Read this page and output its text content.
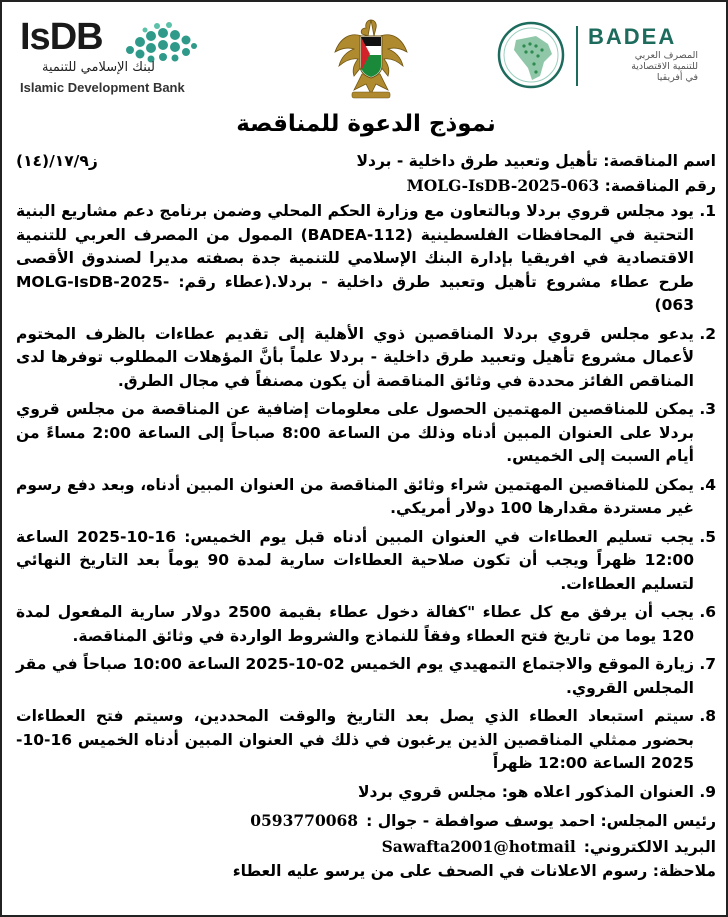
IsDB
لبنك الإسلامي للتنمية
Islamic Development Bank
BADEA
المصرف العربي
للتنمية الاقتصادية
في أفريقيا
نموذج الدعوة للمناقصة
اسم المناقصة: تأهيل وتعبيد طرق داخلية - بردلا
ز١٧/٩/(١٤)
رقم المناقصة: MOLG-IsDB-2025-063
1.
يود مجلس قروي بردلا وبالتعاون مع وزارة الحكم المحلي وضمن برنامج دعم مشاريع البنية التحتية في المحافظات الفلسطينية (BADEA-112) الممول من المصرف العربي للتنمية الاقتصادية في افريقيا بإدارة البنك الإسلامي للتنمية جدة بصفته مديرا لصندوق الأقصى طرح عطاء مشروع تأهيل وتعبيد طرق داخلية - بردلا.(عطاء رقم: MOLG-IsDB-2025-063)
2.
يدعو مجلس قروي بردلا المناقصين ذوي الأهلية إلى تقديم عطاءات بالظرف المختوم لأعمال مشروع تأهيل وتعبيد طرق داخلية - بردلا علماً بأنَّ المؤهلات المطلوب توفرها لدى المناقص الفائز محددة في وثائق المناقصة أن يكون مصنفاً في مجال الطرق.
3.
يمكن للمناقصين المهتمين الحصول على معلومات إضافية عن المناقصة من مجلس قروي بردلا على العنوان المبين أدناه وذلك من الساعة 8:00 صباحاً إلى الساعة 2:00 مساءً من أيام السبت إلى الخميس.
4.
يمكن للمناقصين المهتمين شراء وثائق المناقصة من العنوان المبين أدناه، وبعد دفع رسوم غير مستردة مقدارها 100 دولار أمريكي.
5.
يجب تسليم العطاءات في العنوان المبين أدناه قبل يوم الخميس: 16-10-2025 الساعة 12:00 ظهراً ويجب أن تكون صلاحية العطاءات سارية لمدة 90 يوماً بعد التاريخ النهائي لتسليم العطاءات.
6.
يجب أن يرفق مع كل عطاء "كفالة دخول عطاء بقيمة 2500 دولار سارية المفعول لمدة 120 يوما من تاريخ فتح العطاء وفقاً للنماذج والشروط الواردة في وثائق المناقصة.
7.
زيارة الموقع والاجتماع التمهيدي يوم الخميس 02-10-2025 الساعة 10:00 صباحاً في مقر المجلس القروي.
8.
سيتم استبعاد العطاء الذي يصل بعد التاريخ والوقت المحددين، وسيتم فتح العطاءات بحضور ممثلي المناقصين الذين يرغبون في ذلك في العنوان المبين أدناه الخميس 16-10-2025 الساعة 12:00 ظهراً
9.
العنوان المذكور اعلاه هو: مجلس قروي بردلا
رئيس المجلس: احمد يوسف صوافطة - جوال :0593770068
البريد الالكتروني:Sawafta2001@hotmail
ملاحظة: رسوم الاعلانات في الصحف على من يرسو عليه العطاء
